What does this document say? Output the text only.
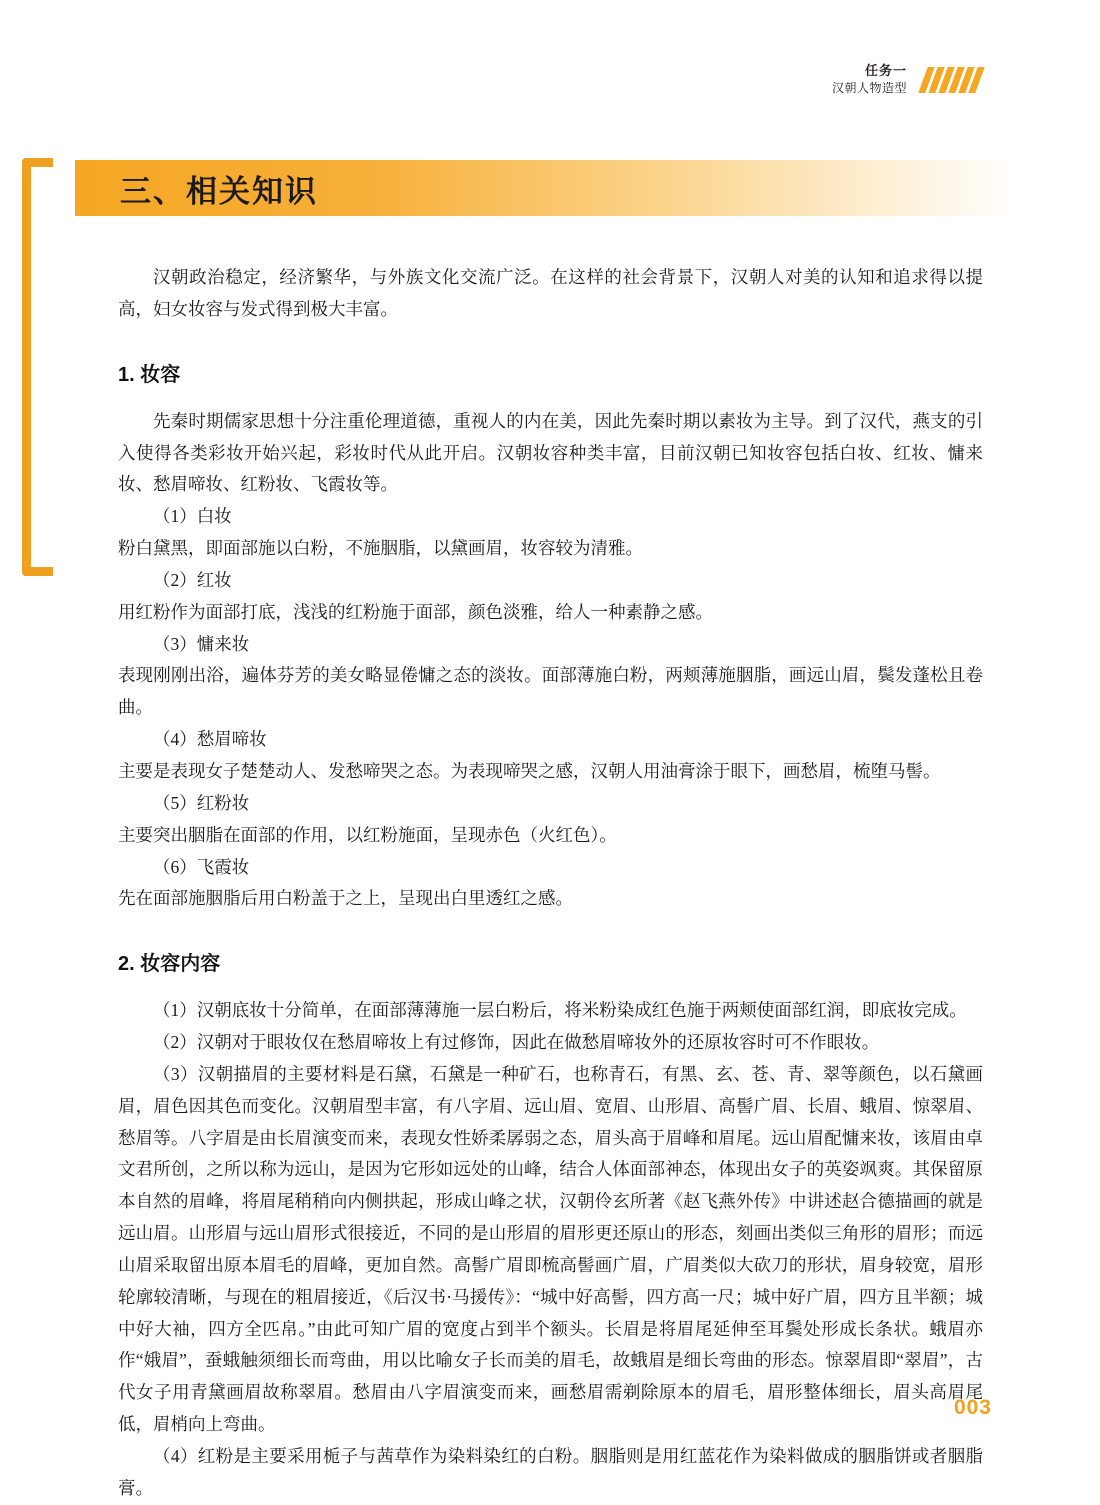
任务一
汉朝人物造型
三、相关知识

汉朝政治稳定，经济繁华，与外族文化交流广泛。在这样的社会背景下，汉朝人对美的认知和追求得以提高，妇女妆容与发式得到极大丰富。

1. 妆容

先秦时期儒家思想十分注重伦理道德，重视人的内在美，因此先秦时期以素妆为主导。到了汉代，燕支的引入使得各类彩妆开始兴起，彩妆时代从此开启。汉朝妆容种类丰富，目前汉朝已知妆容包括白妆、红妆、慵来妆、愁眉啼妆、红粉妆、飞霞妆等。

（1）白妆

粉白黛黑，即面部施以白粉，不施胭脂，以黛画眉，妆容较为清雅。

（2）红妆

用红粉作为面部打底，浅浅的红粉施于面部，颜色淡雅，给人一种素静之感。

（3）慵来妆

表现刚刚出浴，遍体芬芳的美女略显倦慵之态的淡妆。面部薄施白粉，两颊薄施胭脂，画远山眉，鬓发蓬松且卷曲。

（4）愁眉啼妆

主要是表现女子楚楚动人、发愁啼哭之态。为表现啼哭之感，汉朝人用油膏涂于眼下，画愁眉，梳堕马髻。

（5）红粉妆

主要突出胭脂在面部的作用，以红粉施面，呈现赤色（火红色）。

（6）飞霞妆

先在面部施胭脂后用白粉盖于之上，呈现出白里透红之感。

2. 妆容内容

（1）汉朝底妆十分简单，在面部薄薄施一层白粉后，将米粉染成红色施于两颊使面部红润，即底妆完成。

（2）汉朝对于眼妆仅在愁眉啼妆上有过修饰，因此在做愁眉啼妆外的还原妆容时可不作眼妆。

（3）汉朝描眉的主要材料是石黛，石黛是一种矿石，也称青石，有黑、玄、苍、青、翠等颜色，以石黛画眉，眉色因其色而变化。汉朝眉型丰富，有八字眉、远山眉、宽眉、山形眉、高髻广眉、长眉、蛾眉、惊翠眉、愁眉等。八字眉是由长眉演变而来，表现女性娇柔孱弱之态，眉头高于眉峰和眉尾。远山眉配慵来妆，该眉由卓文君所创，之所以称为远山，是因为它形如远处的山峰，结合人体面部神态，体现出女子的英姿飒爽。其保留原本自然的眉峰，将眉尾稍稍向内侧拱起，形成山峰之状，汉朝伶玄所著《赵飞燕外传》中讲述赵合德描画的就是远山眉。山形眉与远山眉形式很接近，不同的是山形眉的眉形更还原山的形态，刻画出类似三角形的眉形；而远山眉采取留出原本眉毛的眉峰，更加自然。高髻广眉即梳高髻画广眉，广眉类似大砍刀的形状，眉身较宽，眉形轮廓较清晰，与现在的粗眉接近，《后汉书·马援传》：“城中好高髻，四方高一尺；城中好广眉，四方且半额；城中好大袖，四方全匹帛。”由此可知广眉的宽度占到半个额头。长眉是将眉尾延伸至耳鬓处形成长条状。蛾眉亦作“娥眉”，蚕蛾触须细长而弯曲，用以比喻女子长而美的眉毛，故蛾眉是细长弯曲的形态。惊翠眉即“翠眉”，古代女子用青黛画眉故称翠眉。愁眉由八字眉演变而来，画愁眉需剃除原本的眉毛，眉形整体细长，眉头高眉尾低，眉梢向上弯曲。

（4）红粉是主要采用栀子与茜草作为染料染红的白粉。胭脂则是用红蓝花作为染料做成的胭脂饼或者胭脂膏。

003
